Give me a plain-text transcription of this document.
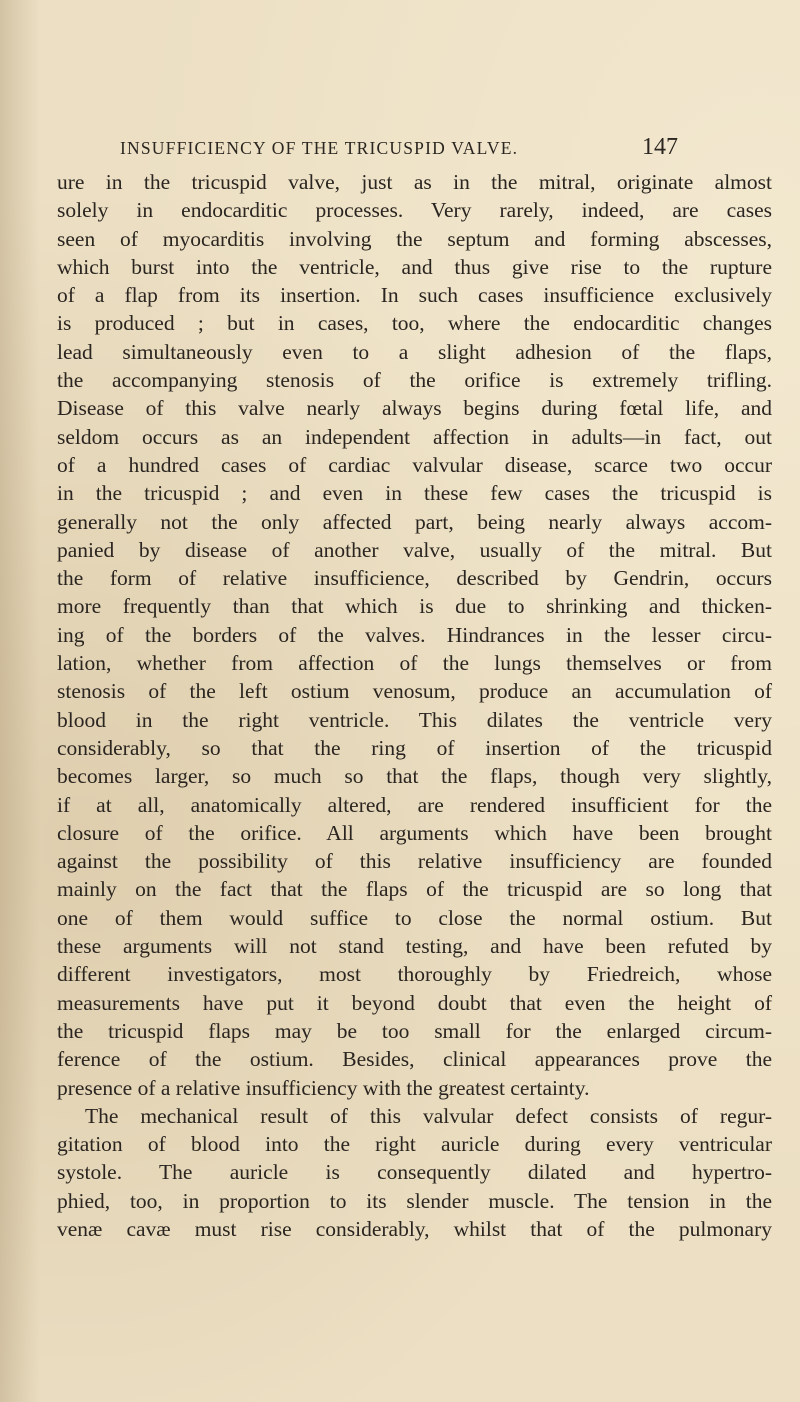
INSUFFICIENCY OF THE TRICUSPID VALVE.	147
ure in the tricuspid valve, just as in the mitral, originate almost
solely in endocarditic processes. Very rarely, indeed, are cases
seen of myocarditis involving the septum and forming abscesses,
which burst into the ventricle, and thus give rise to the rupture
of a flap from its insertion. In such cases insufficience exclusively
is produced ; but in cases, too, where the endocarditic changes
lead simultaneously even to a slight adhesion of the flaps,
the accompanying stenosis of the orifice is extremely trifling.
Disease of this valve nearly always begins during fœtal life, and
seldom occurs as an independent affection in adults—in fact, out
of a hundred cases of cardiac valvular disease, scarce two occur
in the tricuspid ; and even in these few cases the tricuspid is
generally not the only affected part, being nearly always accom-
panied by disease of another valve, usually of the mitral. But
the form of relative insufficience, described by Gendrin, occurs
more frequently than that which is due to shrinking and thicken-
ing of the borders of the valves. Hindrances in the lesser circu-
lation, whether from affection of the lungs themselves or from
stenosis of the left ostium venosum, produce an accumulation of
blood in the right ventricle. This dilates the ventricle very
considerably, so that the ring of insertion of the tricuspid
becomes larger, so much so that the flaps, though very slightly,
if at all, anatomically altered, are rendered insufficient for the
closure of the orifice. All arguments which have been brought
against the possibility of this relative insufficiency are founded
mainly on the fact that the flaps of the tricuspid are so long that
one of them would suffice to close the normal ostium. But
these arguments will not stand testing, and have been refuted by
different investigators, most thoroughly by Friedreich, whose
measurements have put it beyond doubt that even the height of
the tricuspid flaps may be too small for the enlarged circum-
ference of the ostium. Besides, clinical appearances prove the
presence of a relative insufficiency with the greatest certainty.
The mechanical result of this valvular defect consists of regur-
gitation of blood into the right auricle during every ventricular
systole. The auricle is consequently dilated and hypertro-
phied, too, in proportion to its slender muscle. The tension in the
venæ cavæ must rise considerably, whilst that of the pulmonary
